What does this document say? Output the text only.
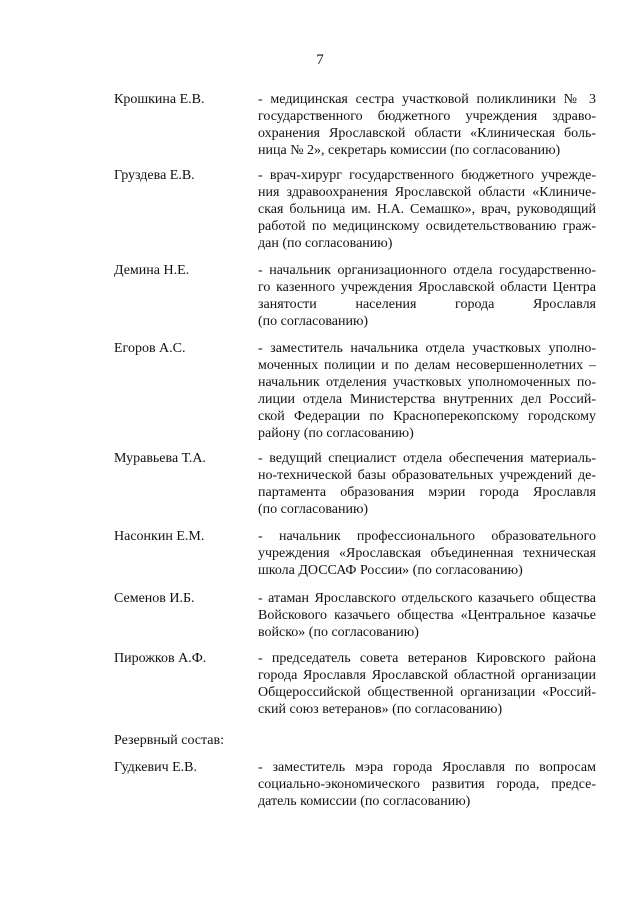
7
Крошкина Е.В.	- медицинская сестра участковой поликлиники № 3
государственного бюджетного учреждения здраво-
охранения Ярославской области «Клиническая боль-
ница № 2», секретарь комиссии (по согласованию)
Груздева Е.В.	- врач-хирург государственного бюджетного учрежде-
ния здравоохранения Ярославской области «Клиниче-
ская больница им. Н.А. Семашко», врач, руководящий
работой по медицинскому освидетельствованию граж-
дан (по согласованию)
Демина Н.Е.	- начальник организационного отдела государственно-
го казенного учреждения Ярославской области Центра
занятости населения города Ярославля
(по согласованию)
Егоров А.С.	- заместитель начальника отдела участковых уполно-
моченных полиции и по делам несовершеннолетних –
начальник отделения участковых уполномоченных по-
лиции отдела Министерства внутренних дел Россий-
ской Федерации по Красноперекопскому городскому
району (по согласованию)
Муравьева Т.А.	- ведущий специалист отдела обеспечения материаль-
но-технической базы образовательных учреждений де-
партамента образования мэрии города Ярославля
(по согласованию)
Насонкин Е.М.	- начальник профессионального образовательного
учреждения «Ярославская объединенная техническая
школа ДОССАФ России» (по согласованию)
Семенов И.Б.	- атаман Ярославского отдельского казачьего общества
Войскового казачьего общества «Центральное казачье
войско» (по согласованию)
Пирожков А.Ф.	- председатель совета ветеранов Кировского района
города Ярославля Ярославской областной организации
Общероссийской общественной организации «Россий-
ский союз ветеранов» (по согласованию)
Резервный состав:
Гудкевич Е.В.	- заместитель мэра города Ярославля по вопросам
социально-экономического развития города, предсе-
датель комиссии (по согласованию)
